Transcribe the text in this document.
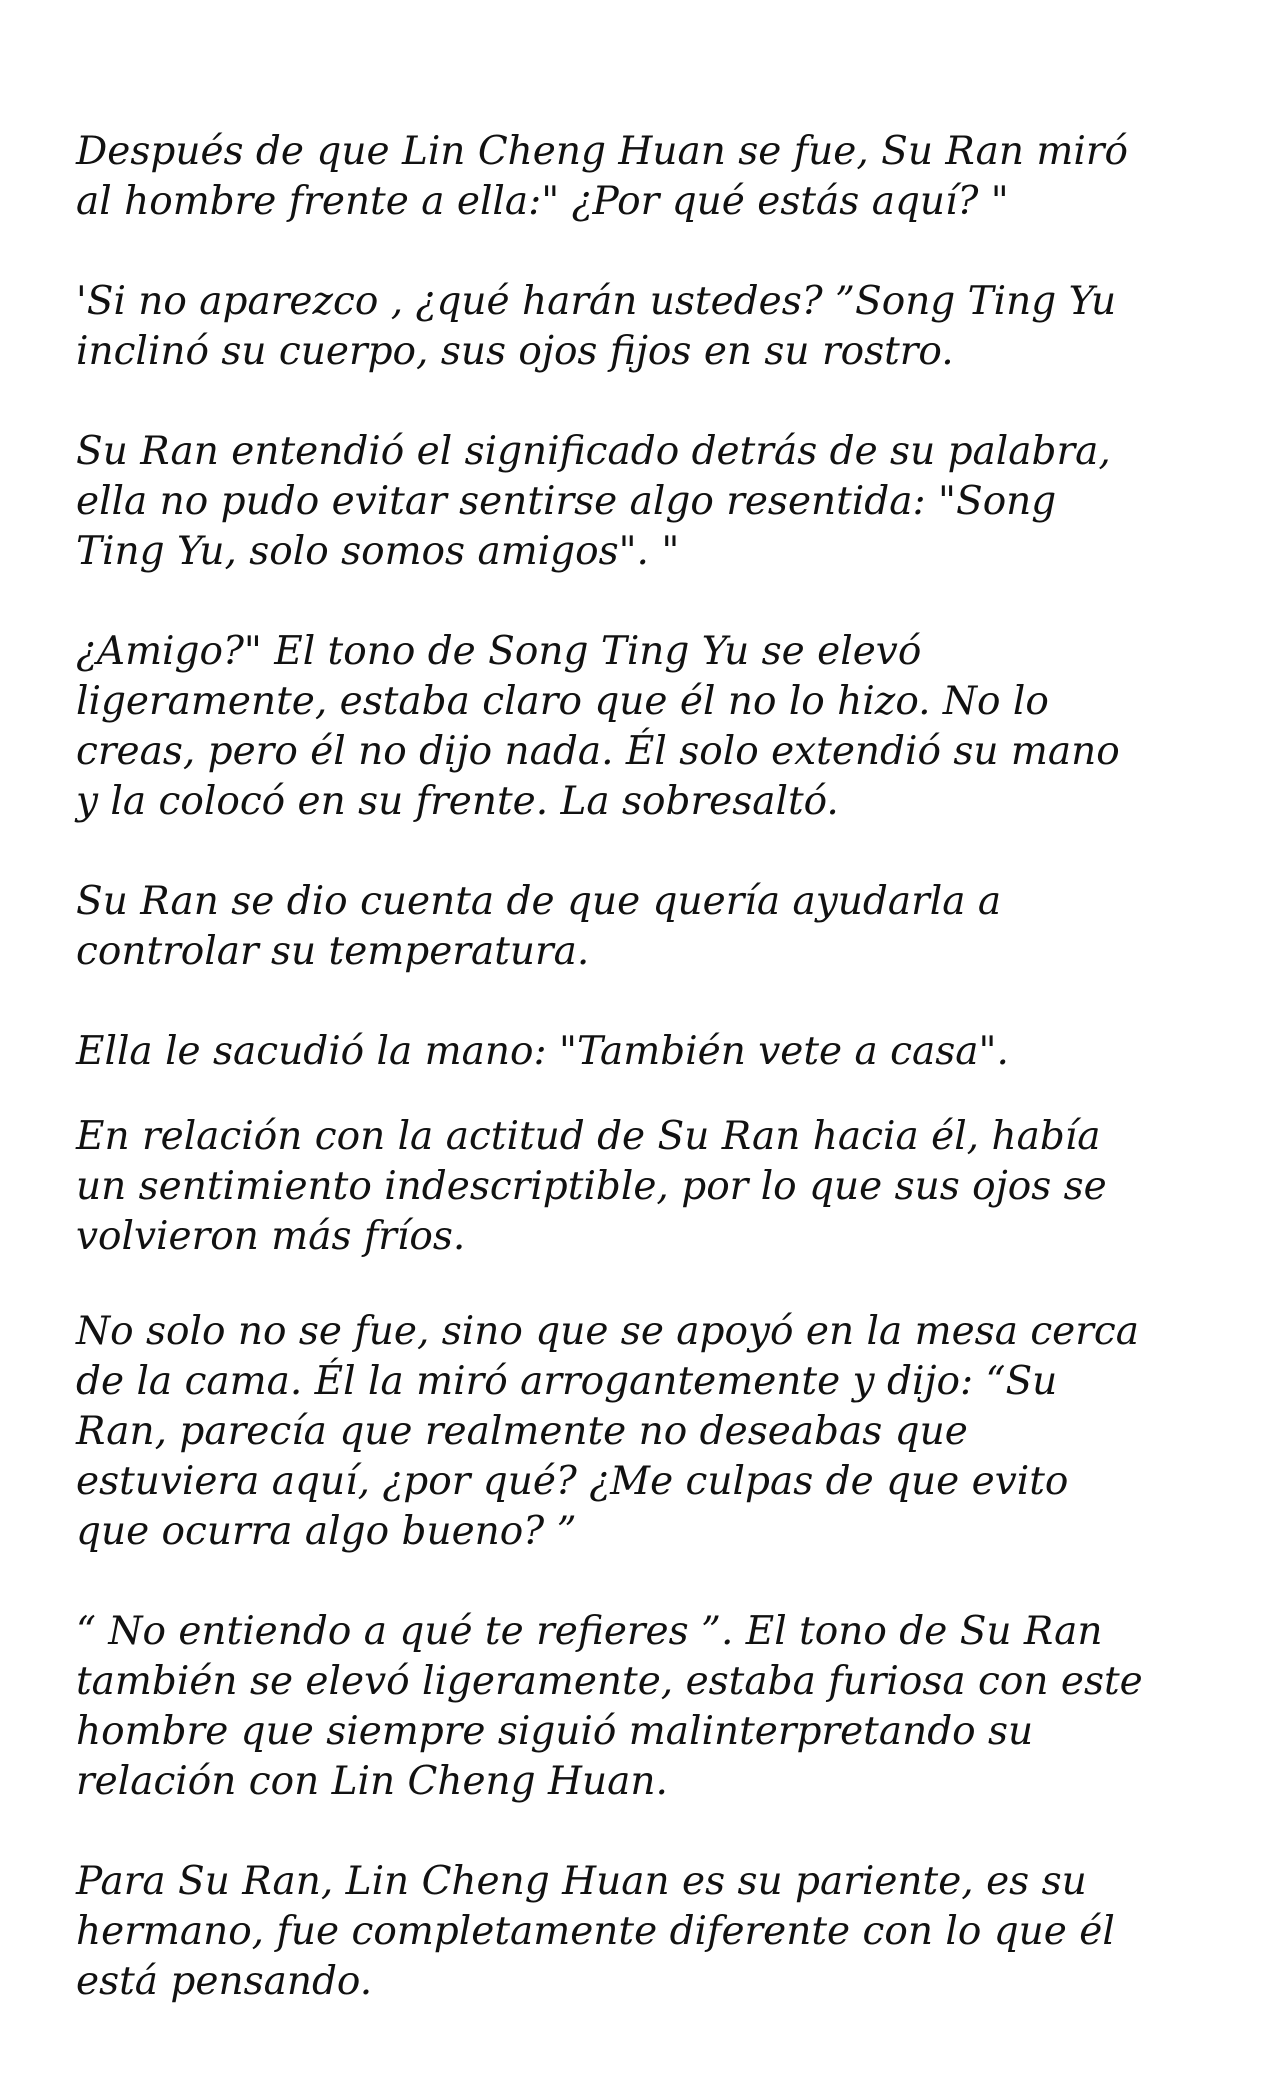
Después de que Lin Cheng Huan se fue, Su Ran miró
al hombre frente a ella:" ¿Por qué estás aquí? "

'Si no aparezco , ¿qué harán ustedes? ”Song Ting Yu
inclinó su cuerpo, sus ojos fijos en su rostro.

Su Ran entendió el significado detrás de su palabra,
ella no pudo evitar sentirse algo resentida: "Song
Ting Yu, solo somos amigos". "

¿Amigo?" El tono de Song Ting Yu se elevó
ligeramente, estaba claro que él no lo hizo. No lo
creas, pero él no dijo nada. Él solo extendió su mano
y la colocó en su frente. La sobresaltó.

Su Ran se dio cuenta de que quería ayudarla a
controlar su temperatura.

Ella le sacudió la mano: "También vete a casa".

En relación con la actitud de Su Ran hacia él, había
un sentimiento indescriptible, por lo que sus ojos se
volvieron más fríos.

No solo no se fue, sino que se apoyó en la mesa cerca
de la cama. Él la miró arrogantemente y dijo: “Su
Ran, parecía que realmente no deseabas que
estuviera aquí, ¿por qué? ¿Me culpas de que evito
que ocurra algo bueno? ”

“ No entiendo a qué te refieres ”. El tono de Su Ran
también se elevó ligeramente, estaba furiosa con este
hombre que siempre siguió malinterpretando su
relación con Lin Cheng Huan.

Para Su Ran, Lin Cheng Huan es su pariente, es su
hermano, fue completamente diferente con lo que él
está pensando.
